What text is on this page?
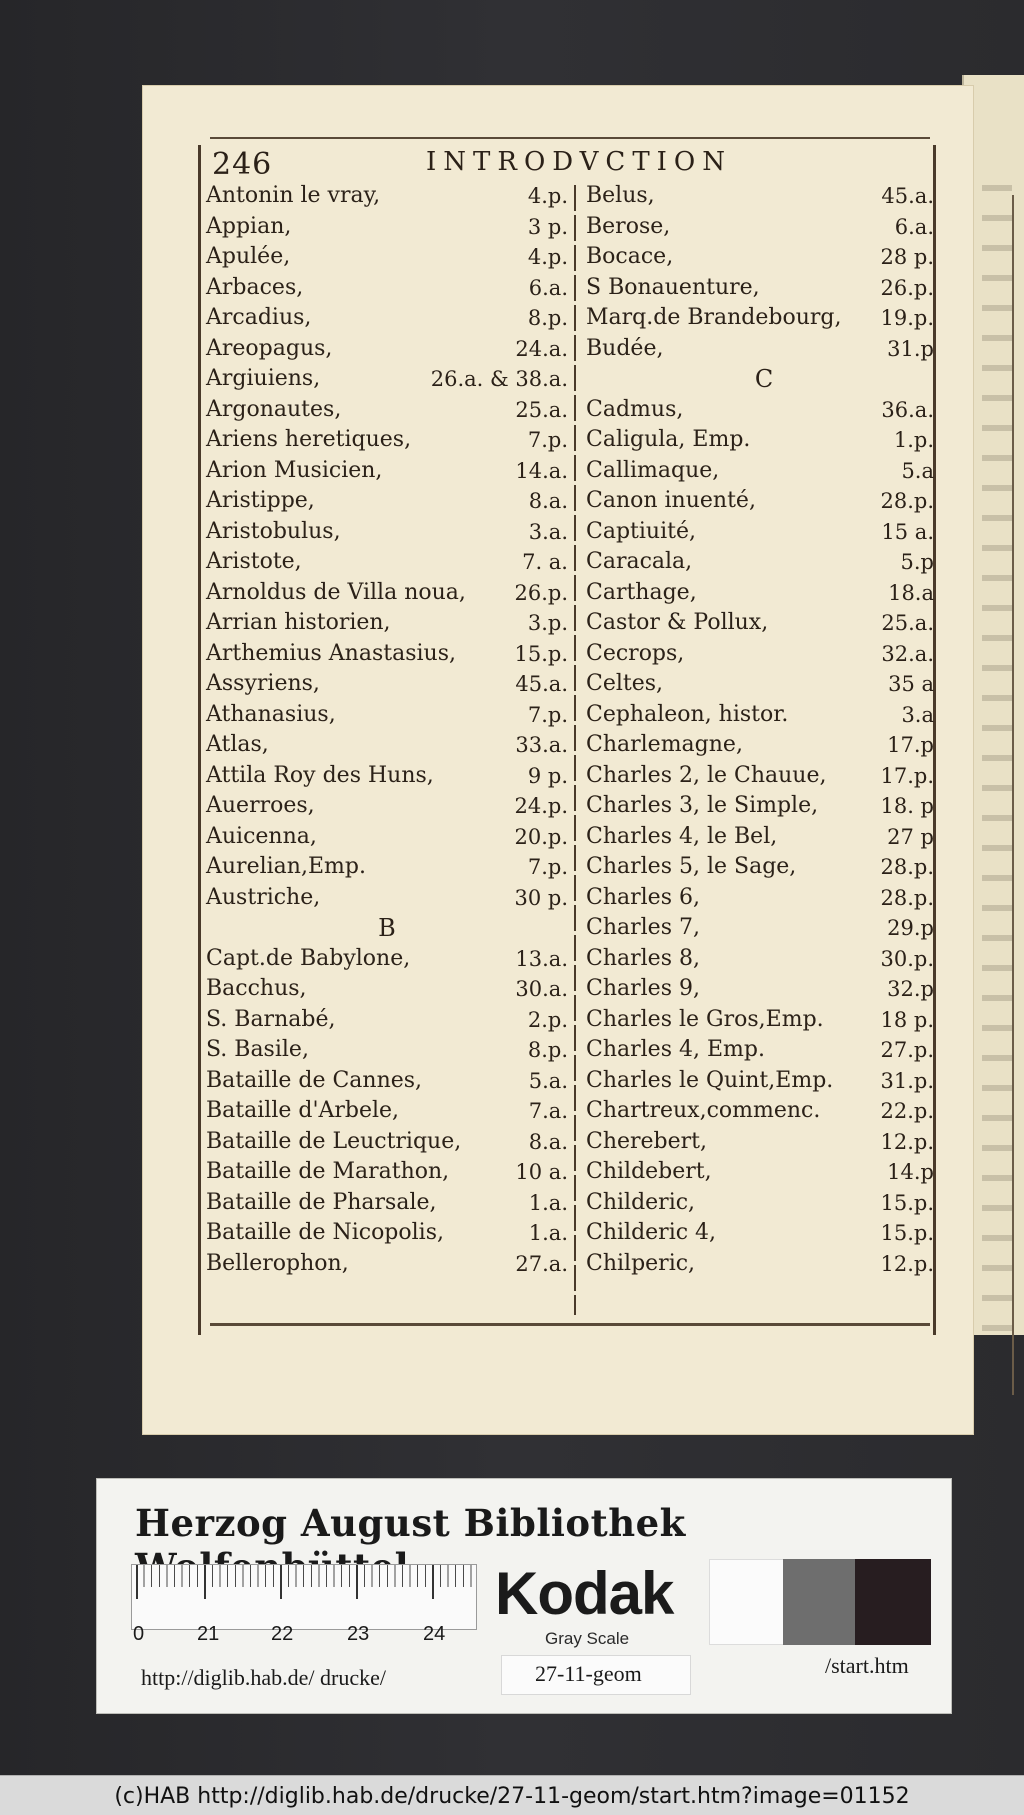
246	INTRODVCTION
Antonin le vray,	4.p.
Appian,	3 p.
Apulée,	4.p.
Arbaces,	6.a.
Arcadius,	8.p.
Areopagus,	24.a.
Argiuiens,	26.a. & 38.a.
Argonautes,	25.a.
Ariens heretiques,	7.p.
Arion Musicien,	14.a.
Aristippe,	8.a.
Aristobulus,	3.a.
Aristote,	7. a.
Arnoldus de Villa noua, 26.p.
Arrian historien,	3.p.
Arthemius Anastasius,	15.p.
Assyriens,	45.a.
Athanasius,	7.p.
Atlas,	33.a.
Attila Roy des Huns,	9 p.
Auerroes,	24.p.
Auicenna,	20.p.
Aurelian,Emp.	7.p.
Austriche,	30 p.
B
Capt.de Babylone,	13.a.
Bacchus,	30.a.
S. Barnabé,	2.p.
S. Basile,	8.p.
Bataille de Cannes,	5.a.
Bataille d'Arbele,	7.a.
Bataille de Leuctrique,	8.a.
Bataille de Marathon,	10 a.
Bataille de Pharsale,	1.a.
Bataille de Nicopolis,	1.a.
Bellerophon,	27.a.
Belus,	45.a.
Berose,	6.a.
Bocace,	28 p.
S Bonauenture,	26.p.
Marq.de Brandebourg, 19.p.
Budée,	31.p
C
Cadmus,	36.a.
Caligula, Emp.	1.p.
Callimaque,	5.a
Canon inuenté,	28.p.
Captiuité,	15 a.
Caracala,	5.p
Carthage,	18.a
Castor & Pollux,	25.a.
Cecrops,	32.a.
Celtes,	35 a
Cephaleon, histor.	3.a
Charlemagne,	17.p
Charles 2, le Chauue,	17.p.
Charles 3, le Simple,	18. p
Charles 4, le Bel,	27 p
Charles 5, le Sage,	28.p.
Charles 6,	28.p.
Charles 7,	29.p
Charles 8,	30.p.
Charles 9,	32.p
Charles le Gros,Emp.	18 p.
Charles 4, Emp.	27.p.
Charles le Quint,Emp. 31.p.
Chartreux,commenc.	22.p.
Cherebert,	12.p.
Childebert,	14.p
Childeric,	15.p.
Childeric 4,	15.p.
Chilperic,	12.p.
Herzog August Bibliothek
0	21	22	23	24
Kodak
Gray Scale
http://diglib.hab.de/ drucke/	27-11-geom	/start.htm
(c)HAB http://diglib.hab.de/drucke/27-11-geom/start.htm?image=01152
